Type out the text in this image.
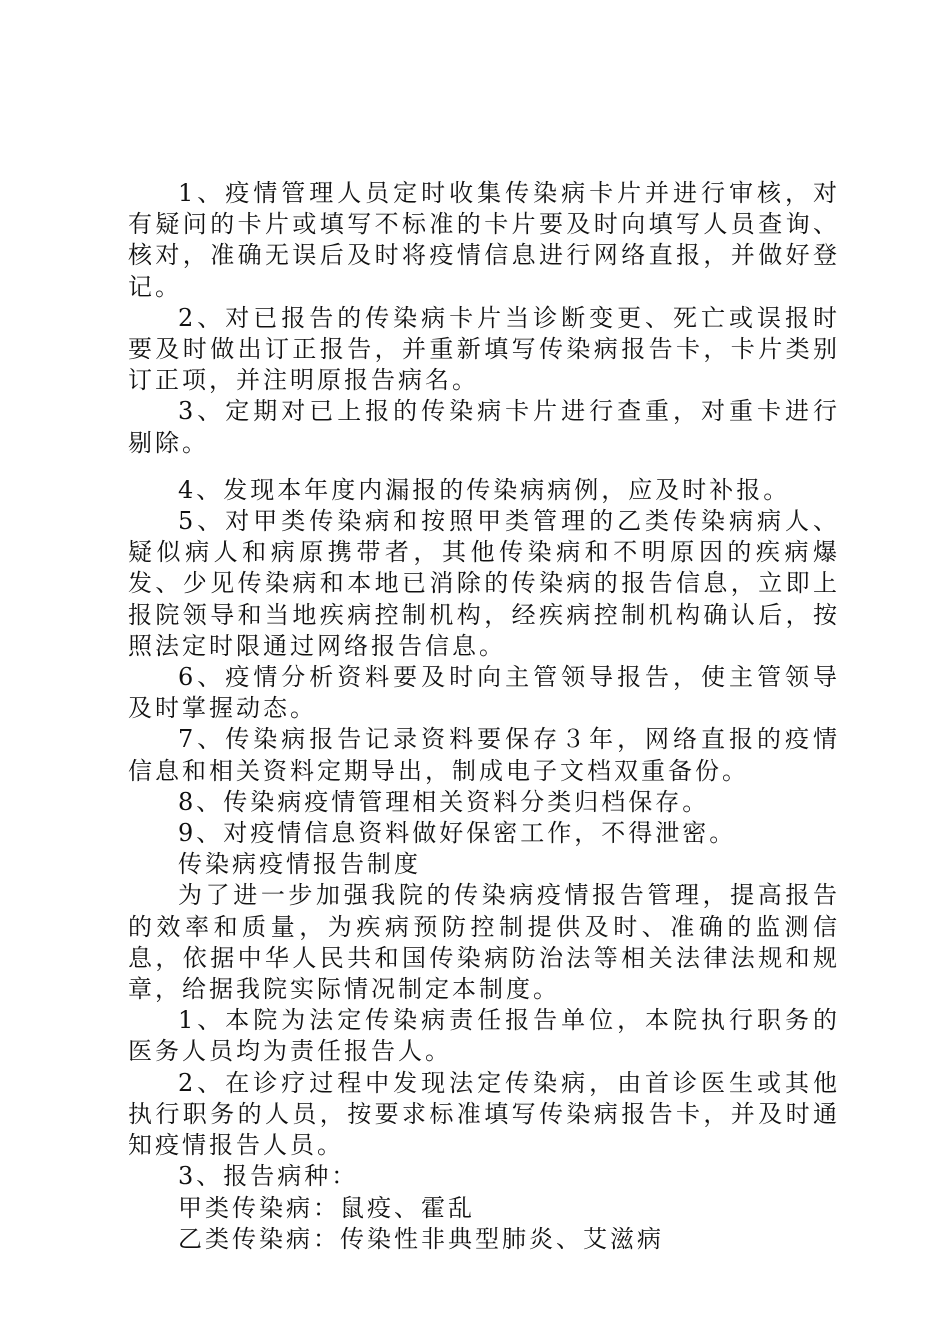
1、疫情管理人员定时收集传染病卡片并进行审核，对有疑问的卡片或填写不标准的卡片要及时向填写人员查询、核对，准确无误后及时将疫情信息进行网络直报，并做好登记。

2、对已报告的传染病卡片当诊断变更、死亡或误报时要及时做出订正报告，并重新填写传染病报告卡，卡片类别订正项，并注明原报告病名。

3、定期对已上报的传染病卡片进行查重，对重卡进行剔除。

4、发现本年度内漏报的传染病病例，应及时补报。

5、对甲类传染病和按照甲类管理的乙类传染病病人、疑似病人和病原携带者，其他传染病和不明原因的疾病爆发、少见传染病和本地已消除的传染病的报告信息，立即上报院领导和当地疾病控制机构，经疾病控制机构确认后，按照法定时限通过网络报告信息。

6、疫情分析资料要及时向主管领导报告，使主管领导及时掌握动态。

7、传染病报告记录资料要保存３年，网络直报的疫情信息和相关资料定期导出，制成电子文档双重备份。

8、传染病疫情管理相关资料分类归档保存。

9、对疫情信息资料做好保密工作，不得泄密。

传染病疫情报告制度

为了进一步加强我院的传染病疫情报告管理，提高报告的效率和质量，为疾病预防控制提供及时、准确的监测信息，依据中华人民共和国传染病防治法等相关法律法规和规章，给据我院实际情况制定本制度。

1、本院为法定传染病责任报告单位，本院执行职务的医务人员均为责任报告人。

2、在诊疗过程中发现法定传染病，由首诊医生或其他执行职务的人员，按要求标准填写传染病报告卡，并及时通知疫情报告人员。

3、报告病种：

甲类传染病：鼠疫、霍乱

乙类传染病：传染性非典型肺炎、艾滋病
